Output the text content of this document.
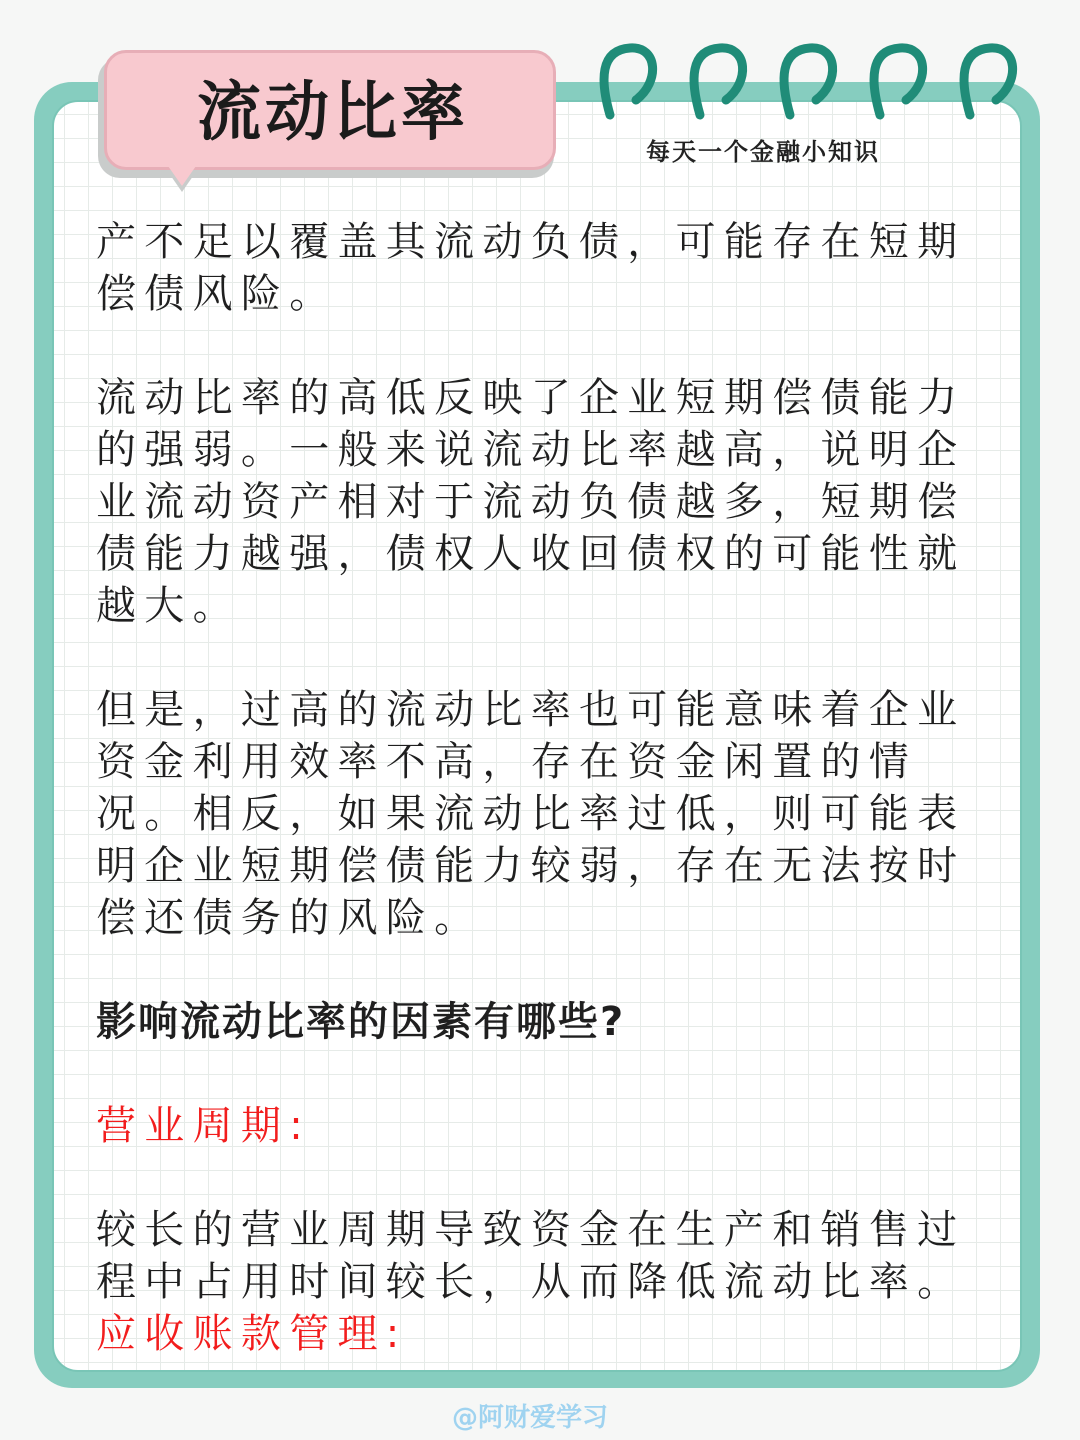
流动比率
每天一个金融小知识

产不足以覆盖其流动负债，可能存在短期偿债风险。

流动比率的高低反映了企业短期偿债能力的强弱。一般来说流动比率越高，说明企业流动资产相对于流动负债越多，短期偿债能力越强，债权人收回债权的可能性就越大。

但是，过高的流动比率也可能意味着企业资金利用效率不高，存在资金闲置的情况。相反，如果流动比率过低，则可能表明企业短期偿债能力较弱，存在无法按时偿还债务的风险。

影响流动比率的因素有哪些?

营业周期:

较长的营业周期导致资金在生产和销售过程中占用时间较长，从而降低流动比率。

应收账款管理:

@阿财爱学习
